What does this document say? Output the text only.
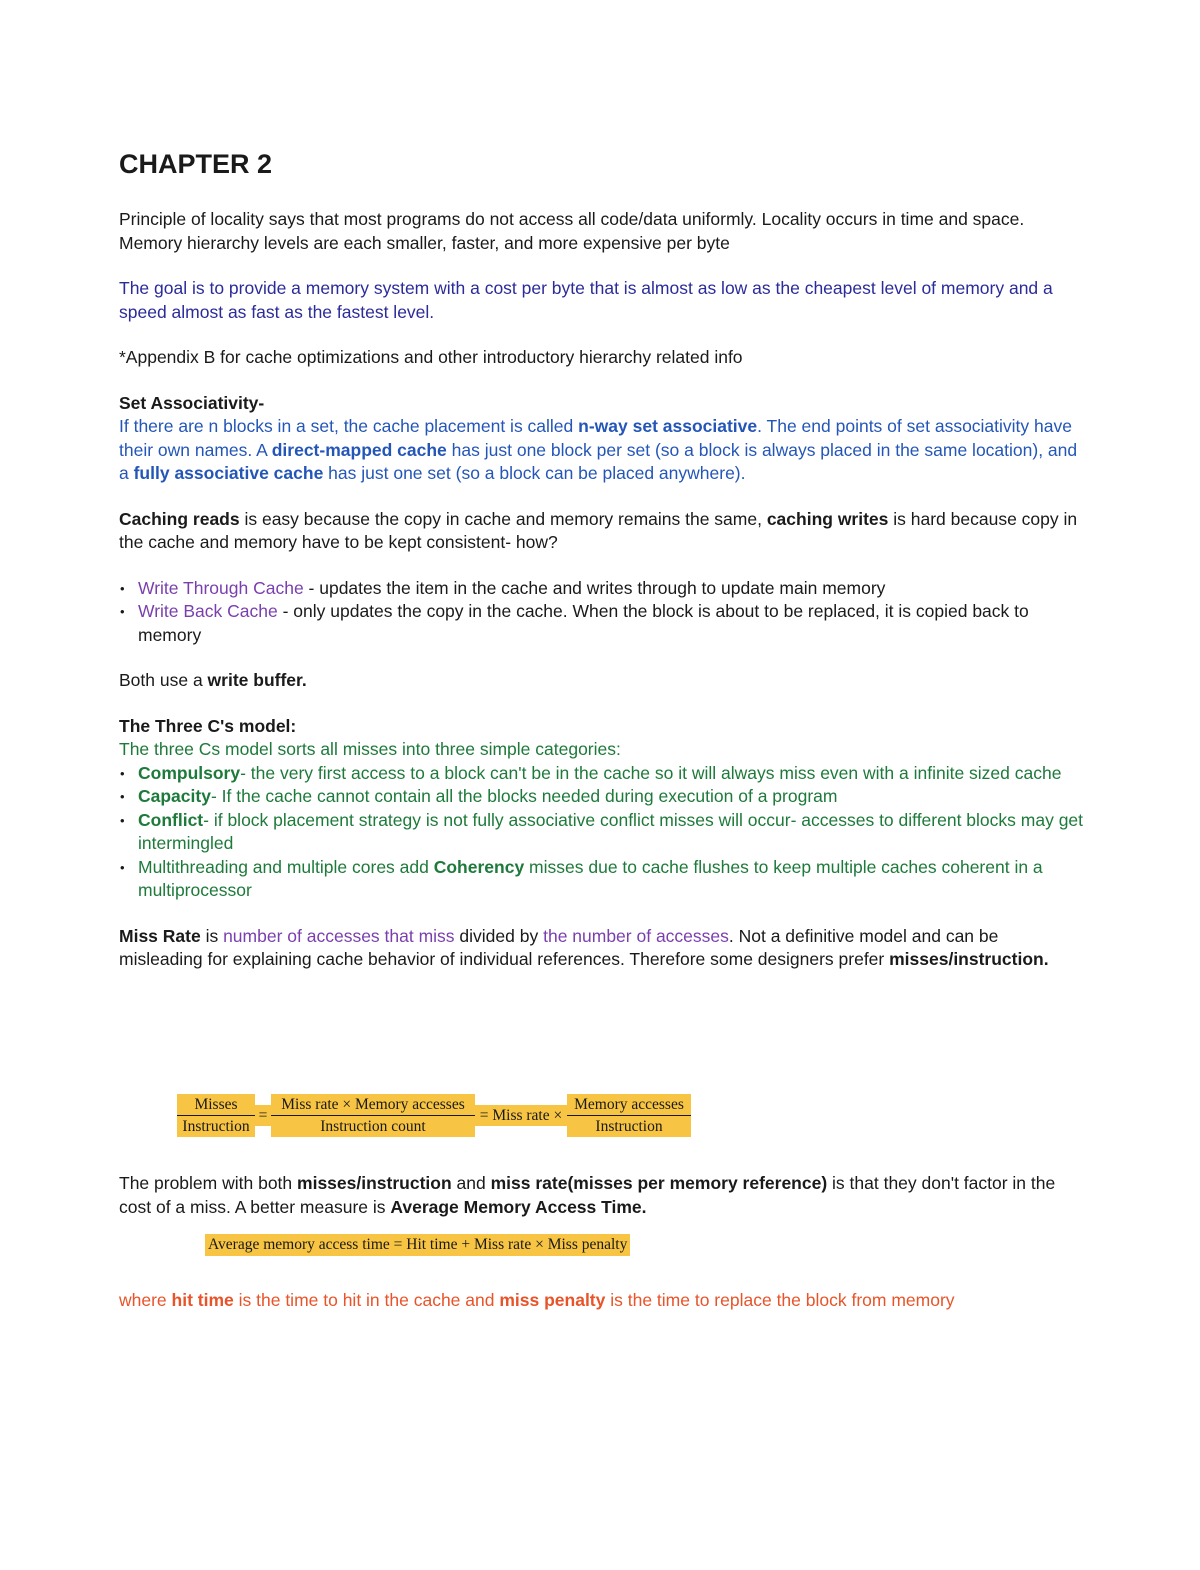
CHAPTER 2

Principle of locality says that most programs do not access all code/data uniformly. Locality occurs in time and space.

Memory hierarchy levels are each smaller, faster, and more expensive per byte

The goal is to provide a memory system with a cost per byte that is almost as low as the cheapest level of memory and a speed almost as fast as the fastest level.

*Appendix B for cache optimizations and other introductory hierarchy related info

Set Associativity-

If there are n blocks in a set, the cache placement is called n-way set associative. The end points of set associativity have their own names. A direct-mapped cache has just one block per set (so a block is always placed in the same location), and a fully associative cache has just one set (so a block can be placed anywhere).

Caching reads is easy because the copy in cache and memory remains the same, caching writes is hard because copy in the cache and memory have to be kept consistent- how?

• Write Through Cache - updates the item in the cache and writes through to update main memory
• Write Back Cache - only updates the copy in the cache. When the block is about to be replaced, it is copied back to memory

Both use a write buffer.

The Three C's model:

The three Cs model sorts all misses into three simple categories:

• Compulsory- the very first access to a block can't be in the cache so it will always miss even with a infinite sized cache
• Capacity- If the cache cannot contain all the blocks needed during execution of a program
• Conflict- if block placement strategy is not fully associative conflict misses will occur- accesses to different blocks may get intermingled
• Multithreading and multiple cores add Coherency misses due to cache flushes to keep multiple caches coherent in a multiprocessor

Miss Rate is number of accesses that miss divided by the number of accesses. Not a definitive model and can be misleading for explaining cache behavior of individual references. Therefore some designers prefer misses/instruction.

Misses
Instruction
=
Miss rate × Memory accesses
Instruction count
= Miss rate ×
Memory accesses
Instruction

The problem with both misses/instruction and miss rate(misses per memory reference) is that they don't factor in the cost of a miss. A better measure is Average Memory Access Time.

Average memory access time = Hit time + Miss rate × Miss penalty

where hit time is the time to hit in the cache and miss penalty is the time to replace the block from memory
